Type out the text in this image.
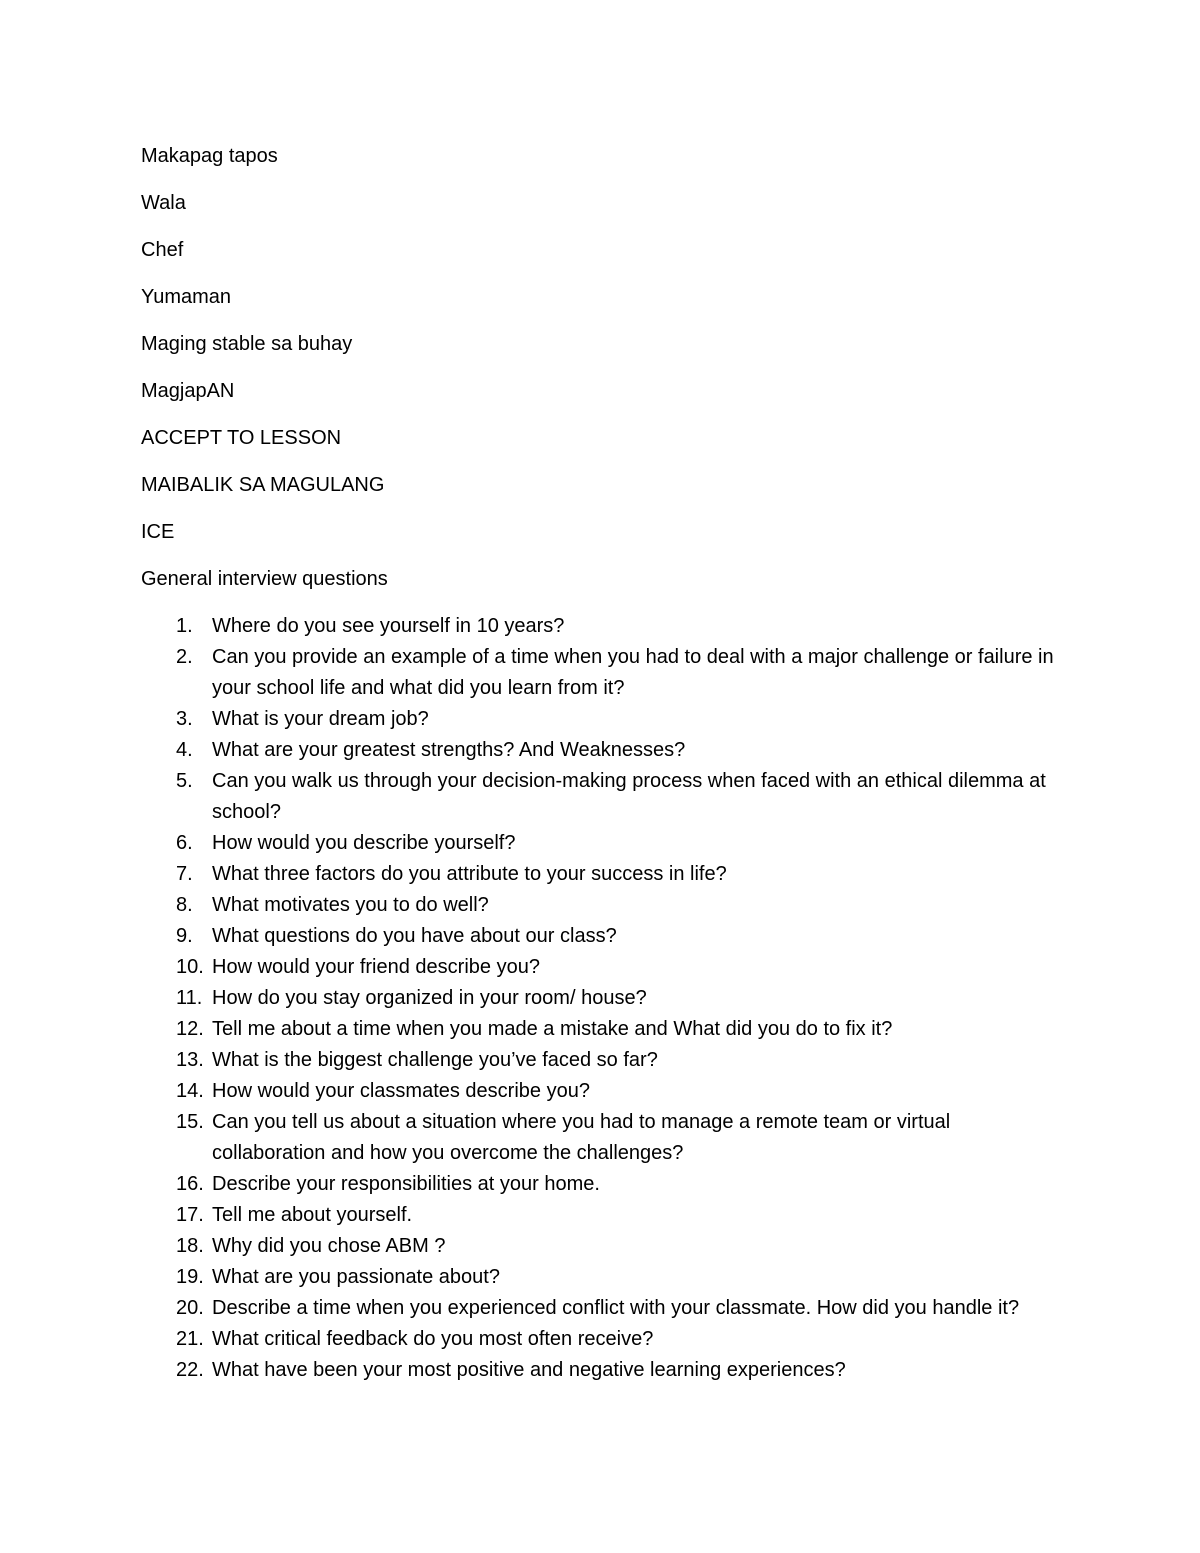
Makapag tapos

Wala

Chef

Yumaman

Maging stable sa buhay

MagjapAN

ACCEPT TO LESSON

MAIBALIK SA MAGULANG

ICE

General interview questions

1. Where do you see yourself in 10 years?
2. Can you provide an example of a time when you had to deal with a major challenge or failure in your school life and what did you learn from it?
3. What is your dream job?
4. What are your greatest strengths? And Weaknesses?
5. Can you walk us through your decision-making process when faced with an ethical dilemma at school?
6. How would you describe yourself?
7. What three factors do you attribute to your success in life?
8. What motivates you to do well?
9. What questions do you have about our class?
10. How would your friend describe you?
11. How do you stay organized in your room/ house?
12. Tell me about a time when you made a mistake and What did you do to fix it?
13. What is the biggest challenge you’ve faced so far?
14. How would your classmates describe you?
15. Can you tell us about a situation where you had to manage a remote team or virtual collaboration and how you overcome the challenges?
16. Describe your responsibilities at your home.
17. Tell me about yourself.
18. Why did you chose ABM ?
19. What are you passionate about?
20. Describe a time when you experienced conflict with your classmate. How did you handle it?
21. What critical feedback do you most often receive?
22. What have been your most positive and negative learning experiences?
